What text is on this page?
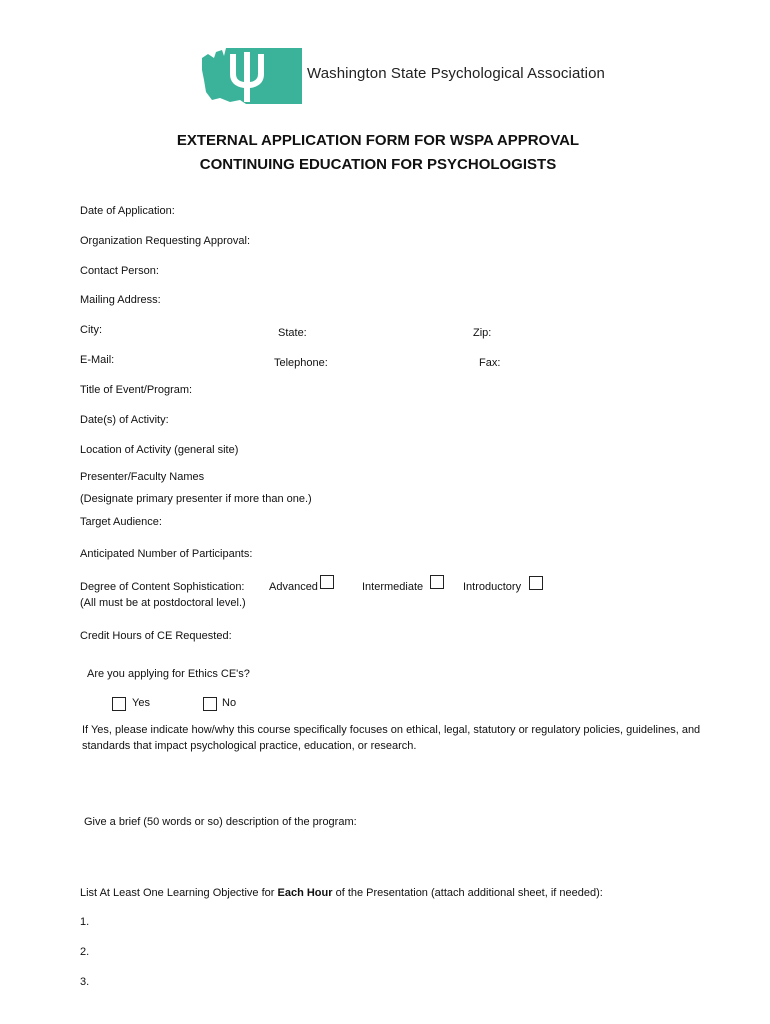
Washington State Psychological Association
EXTERNAL APPLICATION FORM FOR WSPA APPROVAL
CONTINUING EDUCATION FOR PSYCHOLOGISTS
Date of Application:
Organization Requesting Approval:
Contact Person:
Mailing Address:
City:	State:	Zip:
E-Mail:	Telephone:	Fax:
Title of Event/Program:
Date(s) of Activity:
Location of Activity (general site)
Presenter/Faculty Names
(Designate primary presenter if more than one.)
Target Audience:
Anticipated Number of Participants:
Degree of Content Sophistication:
(All must be at postdoctoral level.)
Advanced	Intermediate	Introductory
Credit Hours of CE Requested:
Are you applying for Ethics CE's?
Yes	No
If Yes, please indicate how/why this course specifically focuses on ethical, legal, statutory or regulatory policies, guidelines, and standards that impact psychological practice, education, or research.
Give a brief (50 words or so) description of the program:
List At Least One Learning Objective for Each Hour of the Presentation (attach additional sheet, if needed):
1.
2.
3.
